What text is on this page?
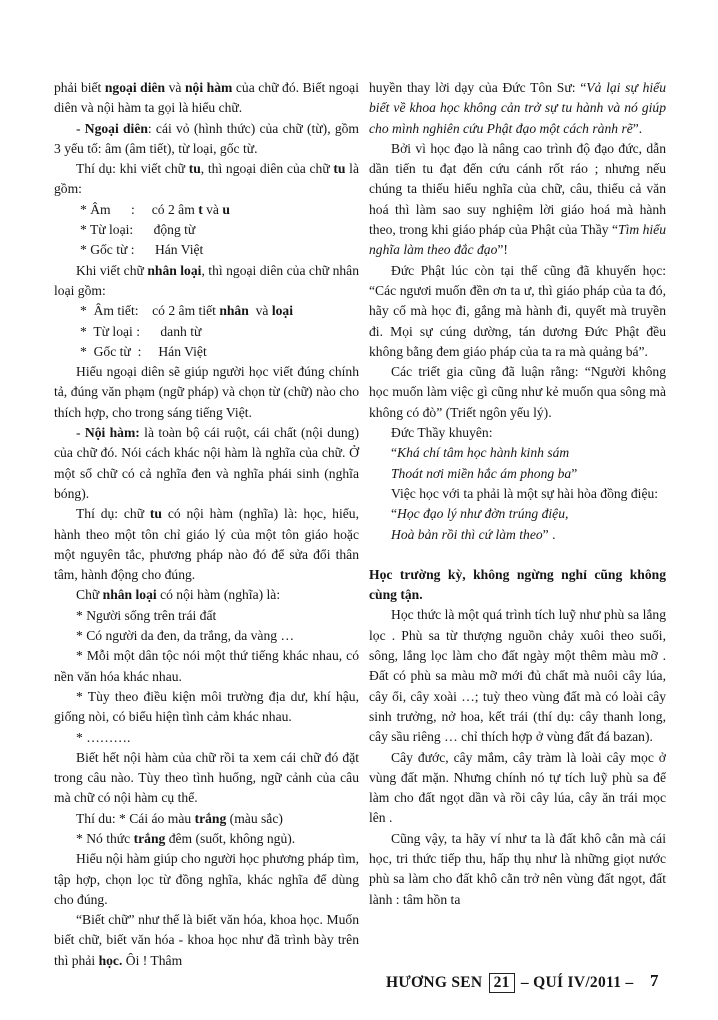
phải biết ngoại diên và nội hàm của chữ đó. Biết ngoại diên và nội hàm ta gọi là hiểu chữ.
- Ngoại diên: cái vỏ (hình thức) của chữ (từ), gồm 3 yếu tố: âm (âm tiết), từ loại, gốc từ.
Thí dụ: khi viết chữ tu, thì ngoại diên của chữ tu là gồm:
* Âm      :     có 2 âm t và u
* Từ loại:      động từ
* Gốc từ :      Hán Việt
Khi viết chữ nhân loại, thì ngoại diên của chữ nhân loại gồm:
*  Âm tiết:    có 2 âm tiết nhân  và loại
*  Từ loại :      danh từ
*  Gốc từ  :     Hán Việt
Hiểu ngoại diên sẽ giúp người học viết đúng chính tả, đúng văn phạm (ngữ pháp) và chọn từ (chữ) nào cho thích hợp, cho trong sáng tiếng Việt.
- Nội hàm: là toàn bộ cái ruột, cái chất (nội dung) của chữ đó. Nói cách khác nội hàm là nghĩa của chữ. Ở một số chữ có cả nghĩa đen và nghĩa phái sinh (nghĩa bóng).
Thí dụ: chữ tu có nội hàm (nghĩa) là: học, hiểu, hành theo một tôn chỉ giáo lý của một tôn giáo hoặc một nguyên tắc, phương pháp nào đó để sửa đổi thân tâm, hành động cho đúng.
Chữ nhân loại có nội hàm (nghĩa) là:
* Người sống trên trái đất
* Có người da đen, da trắng, da vàng …
* Mỗi một dân tộc nói một thứ tiếng khác nhau, có nền văn hóa khác nhau.
* Tùy theo điều kiện môi trường địa dư, khí hậu, giống nòi, có biểu hiện tình cảm khác nhau.
* ……….
Biết hết nội hàm của chữ rồi ta xem cái chữ đó đặt trong câu nào. Tùy theo tình huống, ngữ cảnh của câu mà chữ có nội hàm cụ thể.
Thí du: * Cái áo màu trắng (màu sắc)
* Nó thức trắng đêm (suốt, không ngủ).
Hiểu nội hàm giúp cho người học phương pháp tìm, tập hợp, chọn lọc từ đồng nghĩa, khác nghĩa để dùng cho đúng.
“Biết chữ” như thế là biết văn hóa, khoa học. Muốn biết chữ, biết văn hóa - khoa học như đã trình bày trên thì phải học. Ôi ! Thâm
huyền thay lời dạy của Đức Tôn Sư: “Vả lại sự hiểu biết về khoa học không cản trở sự tu hành và nó giúp cho mình nghiên cứu Phật đạo một cách rành rẽ”.
Bởi vì học đạo là nâng cao trình độ đạo đức, dẫn dần tiến tu đạt đến cứu cánh rốt ráo ; nhưng nếu chúng ta thiếu hiểu nghĩa của chữ, câu, thiếu cả văn hoá thì làm sao suy nghiệm lời giáo hoá mà hành theo, trong khi giáo pháp của Phật của Thầy “Tìm hiểu nghĩa làm theo đắc đạo”!
Đức Phật lúc còn tại thế cũng đã khuyến học: “Các ngươi muốn đền ơn ta ư, thì giáo pháp của ta đó, hãy cố mà học đi, gắng mà hành đi, quyết mà truyền đi. Mọi sự cúng dường, tán dương Đức Phật đều không bằng đem giáo pháp của ta ra mà quảng bá”.
Các triết gia cũng đã luận rằng: “Người không học muốn làm việc gì cũng như kẻ muốn qua sông mà không có đò” (Triết ngôn yếu lý).
Đức Thầy khuyên:
“Khá chí tâm học hành kinh sám
Thoát nơi miền hắc ám phong ba”
Việc học với ta phải là một sự hài hòa đồng điệu:
“Học đạo lý như đờn trúng điệu,
Hoà bản rồi thì cứ làm theo” .
Học trường kỳ, không ngừng nghỉ cũng không cùng tận.
Học thức là một quá trình tích luỹ như phù sa lắng lọc . Phù sa từ thượng nguồn chảy xuôi theo suối, sông, lắng lọc làm cho đất ngày một thêm màu mỡ . Đất có phù sa màu mỡ mới đủ chất mà nuôi cây lúa, cây ổi, cây xoài …; tuỳ theo vùng đất mà có loài cây sinh trưởng, nở hoa, kết trái (thí dụ: cây thanh long, cây sầu riêng … chỉ thích hợp ở vùng đất đá bazan).
Cây đước, cây mắm, cây tràm là loài cây mọc ở vùng đất mặn. Nhưng chính nó tự tích luỹ phù sa để làm cho đất ngọt dần và rồi cây lúa, cây ăn trái mọc lên .
Cũng vậy, ta hãy ví như ta là đất khô cằn mà cái học, tri thức tiếp thu, hấp thụ như là những giọt nước phù sa làm cho đất khô cằn trở nên vùng đất ngọt, đất lành : tâm hồn ta
HƯƠNG SEN 21 – QUÍ IV/2011 – 7
